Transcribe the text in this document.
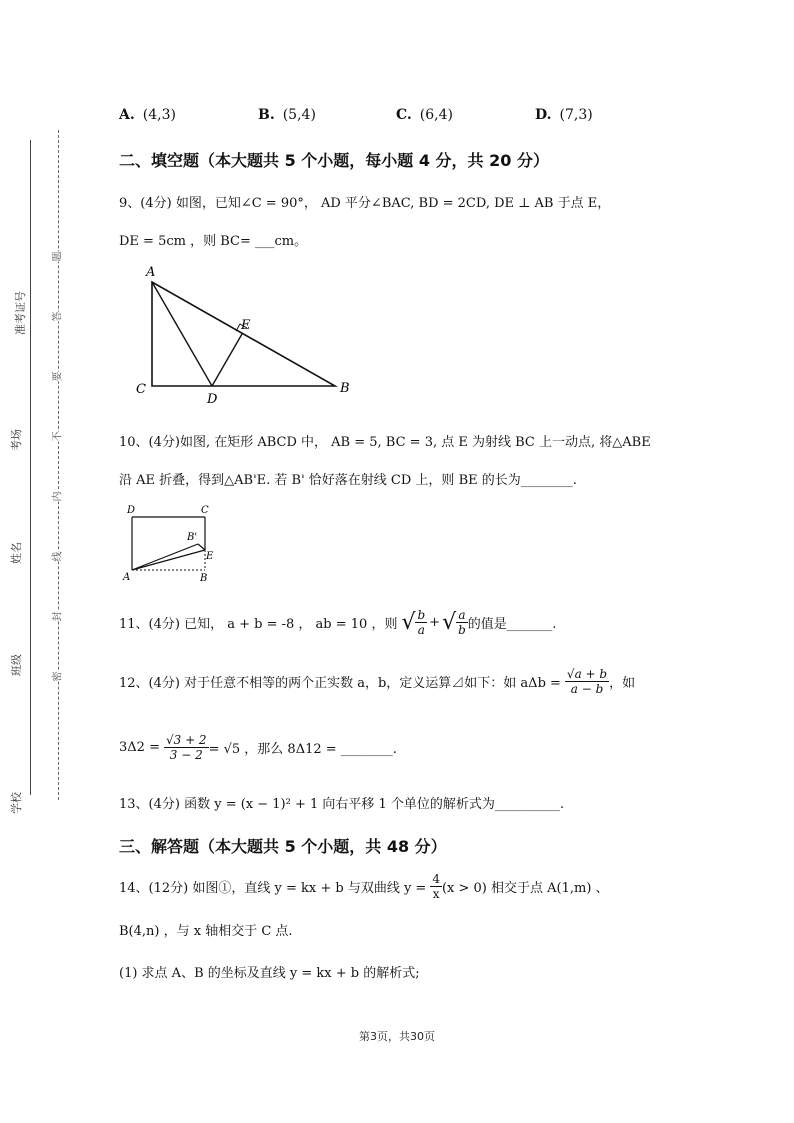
准考证号
考场
姓名
班级
学校
题
答
要
不
内
线
封
密
A. (4,3)	B. (5,4)	C. (6,4)	D. (7,3)
二、填空题（本大题共 5 个小题，每小题 4 分，共 20 分）
9、(4分) 如图，已知∠C = 90°， AD 平分∠BAC, BD = 2CD, DE ⊥ AB 于点 E，
DE = 5cm ，则 BC= ___cm。
A
C
D
E
B
10、(4分)如图, 在矩形 ABCD 中， AB = 5, BC = 3, 点 E 为射线 BC 上一动点, 将△ABE
沿 AE 折叠，得到△AB'E. 若 B' 恰好落在射线 CD 上，则 BE 的长为________.
D	C
B'
E
A	B
11、(4分) 已知， a + b = -8 ， ab = 10 ，则 √ $\frac{b}{a}$ + √ $\frac{a}{b}$ 的值是_______.
12、(4分) 对于任意不相等的两个正实数 a，b，定义运算⊿如下：如 $a\Delta b = \frac{√a + b}{a - b}$ ，如
$3\Delta 2 = \frac{√3 + 2}{3 - 2} = √5$ ，那么 8Δ12 = ________.
13、(4分) 函数 y = (x − 1)² + 1 向右平移 1 个单位的解析式为__________.
三、解答题（本大题共 5 个小题，共 48 分）
14、(12分) 如图①，直线 y = kx + b 与双曲线 $y = \frac{4}{x} (x > 0)$ 相交于点 A(1,m) 、
B(4,n) ，与 x 轴相交于 C 点.
(1) 求点 A、B 的坐标及直线 y = kx + b 的解析式;
第3页，共30页
